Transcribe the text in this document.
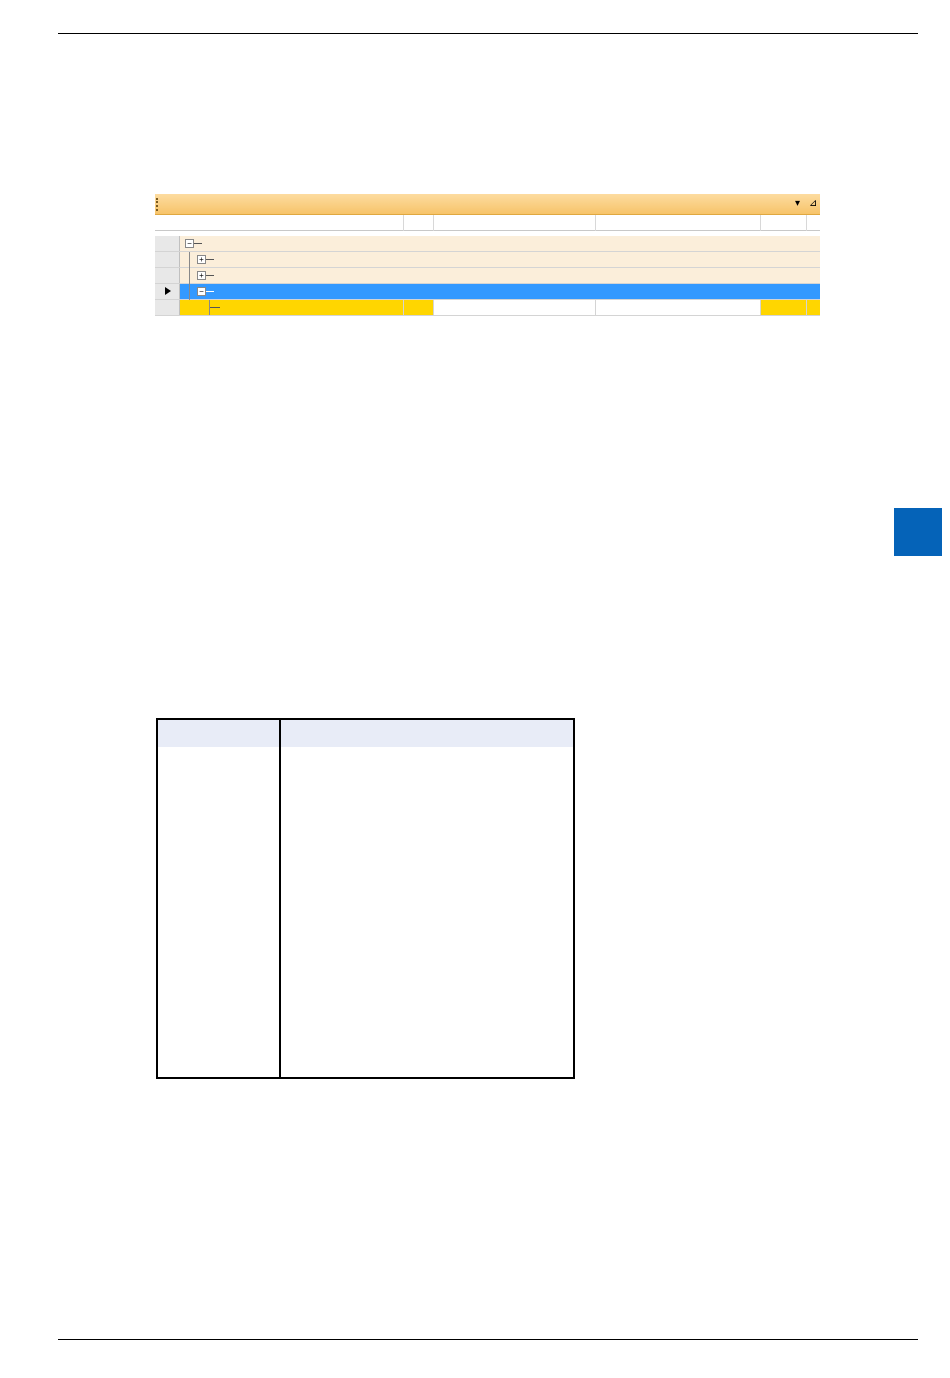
▾ ⊿
−
+
+
−
